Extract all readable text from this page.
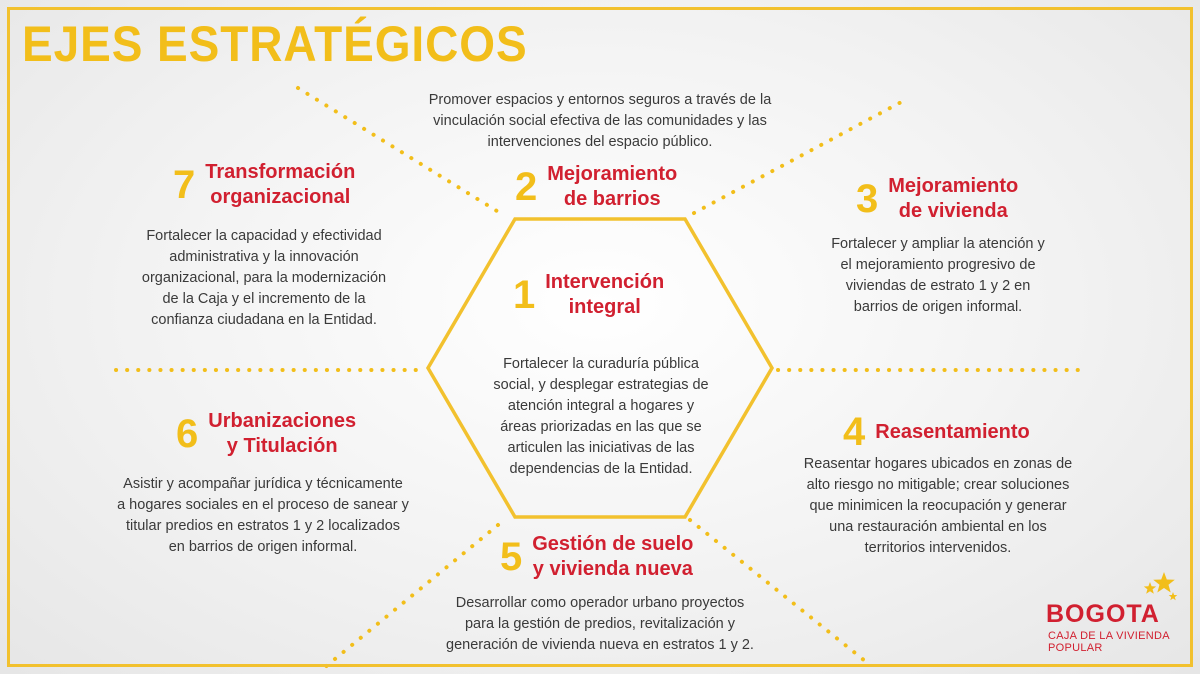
EJES ESTRATÉGICOS
1 Intervención
integral
Fortalecer la curaduría pública
social, y desplegar estrategias de
atención integral a hogares y
áreas priorizadas en las que se
articulen las iniciativas de las
dependencias de la Entidad.
Promover espacios y entornos seguros a través de la
vinculación social efectiva de las comunidades y las
intervenciones del espacio público.
2 Mejoramiento
de barrios	3 Mejoramiento
de vivienda
Fortalecer y ampliar la atención y
el mejoramiento progresivo de
viviendas de estrato 1 y 2 en
barrios de origen informal.
4 Reasentamiento
Reasentar hogares ubicados en zonas de
alto riesgo no mitigable; crear soluciones
que minimicen la reocupación y generar
una restauración ambiental en los
territorios intervenidos.
5 Gestión de suelo
y vivienda nueva
Desarrollar como operador urbano proyectos
para la gestión de predios, revitalización y
generación de vivienda nueva en estratos 1 y 2.
6 Urbanizaciones
y Titulación
Asistir y acompañar jurídica y técnicamente
a hogares sociales en el proceso de sanear y
titular predios en estratos 1 y 2 localizados
en barrios de origen informal.
7 Transformación
organizacional
Fortalecer la capacidad y efectividad
administrativa y la innovación
organizacional, para la modernización
de la Caja y el incremento de la
confianza ciudadana en la Entidad.
BOGOTA
CAJA DE LA VIVIENDA
POPULAR
